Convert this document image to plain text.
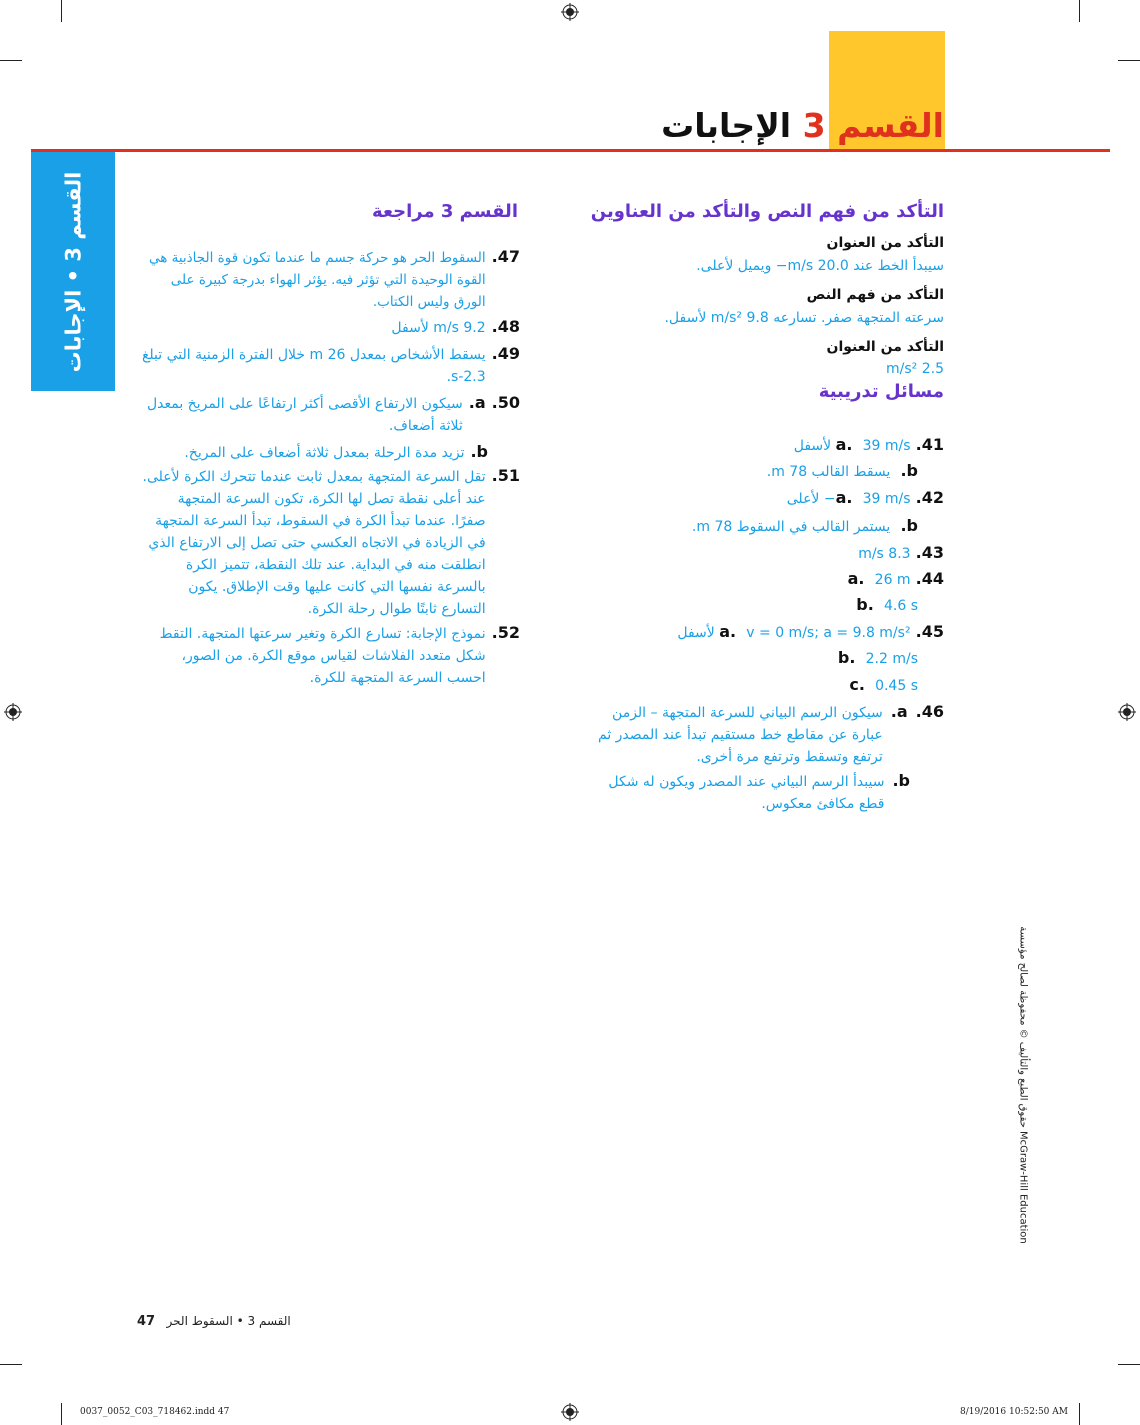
القسم 3 الإجابات
القسم 3 • الإجابات	التأكد من فهم النص والتأكد من العناوين
التأكد من العنوان
سيبدأ الخط عند 20.0 m/s− ويميل لأعلى.
التأكد من فهم النص
سرعته المتجهة صفر. تسارعه 9.8 m/s² لأسفل.
التأكد من العنوان
2.5 m/s²
مسائل تدريبية
41. a.  39 m/s لأسفل
b.  يسقط القالب 78 m.
42. a.  39 m/s− لأعلى
b.  يستمر القالب في السقوط 78 m.
43. 8.3 m/s
44. a. 26 m
b. 4.6 s
45. a.  v = 0 m/s; a = 9.8 m/s² لأسفل
b. 2.2 m/s
c. 0.45 s
46.
a.
سيكون الرسم البياني للسرعة المتجهة – الزمن عبارة عن مقاطع خط مستقيم تبدأ عند المصدر ثم ترتفع وتسقط وترتفع مرة أخرى.
b.
سيبدأ الرسم البياني عند المصدر ويكون له شكل قطع مكافئ معكوس.
القسم 3 مراجعة
47.
السقوط الحر هو حركة جسم ما عندما تكون قوة الجاذبية هي القوة الوحيدة التي تؤثر فيه. يؤثر الهواء بدرجة كبيرة على الورق وليس الكتاب.
48.
9.2 m/s لأسفل
49.
يسقط الأشخاص بمعدل 26 m خلال الفترة الزمنية التي تبلغ 2.3-s.
50.
a.
سيكون الارتفاع الأقصى أكثر ارتفاعًا على المريخ بمعدل ثلاثة أضعاف.
b.
تزيد مدة الرحلة بمعدل ثلاثة أضعاف على المريخ.
51.
تقل السرعة المتجهة بمعدل ثابت عندما تتحرك الكرة لأعلى. عند أعلى نقطة تصل لها الكرة، تكون السرعة المتجهة صفرًا. عندما تبدأ الكرة في السقوط، تبدأ السرعة المتجهة في الزيادة في الاتجاه العكسي حتى تصل إلى الارتفاع الذي انطلقت منه في البداية. عند تلك النقطة، تتميز الكرة بالسرعة نفسها التي كانت عليها وقت الإطلاق. يكون التسارع ثابتًا طوال رحلة الكرة.
52.
نموذج الإجابة: تسارع الكرة وتغير سرعتها المتجهة. التقط شكل متعدد الفلاشات لقياس موقع الكرة. من الصور، احسب السرعة المتجهة للكرة.
حقوق الطبع والتأليف © محفوظة لصالح مؤسسة McGraw-Hill Education
47 القسم 3 • السقوط الحر
0037_0052_C03_718462.indd 47	8/19/2016 10:52:50 AM
